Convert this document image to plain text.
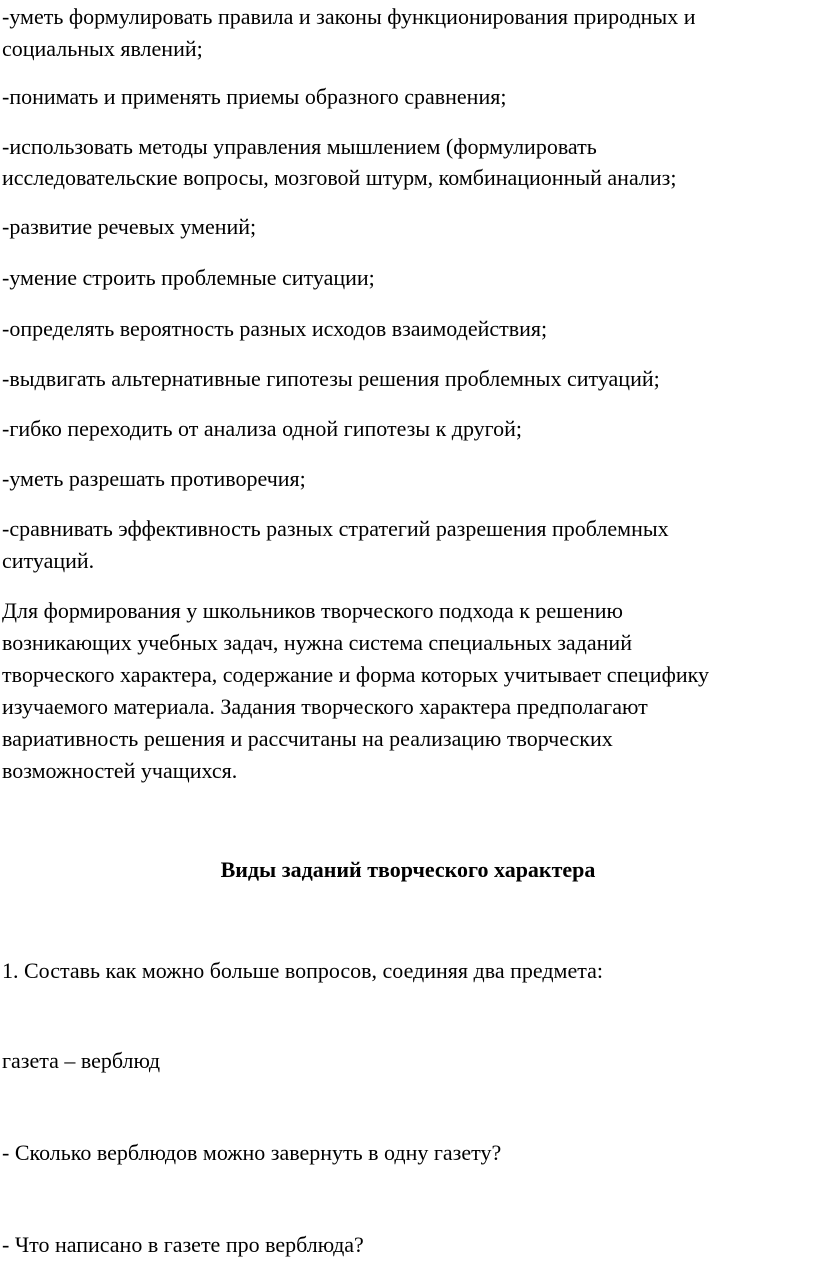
-уметь формулировать правила и законы функционирования природных и

социальных явлений;

-понимать и применять приемы образного сравнения;

-использовать методы управления мышлением (формулировать

исследовательские вопросы, мозговой штурм, комбинационный анализ;

-развитие речевых умений;

-умение строить проблемные ситуации;

-определять вероятность разных исходов взаимодействия;

-выдвигать альтернативные гипотезы решения проблемных ситуаций;

-гибко переходить от анализа одной гипотезы к другой;

-уметь разрешать противоречия;

-сравнивать эффективность разных стратегий разрешения проблемных

ситуаций.

Для формирования у школьников творческого подхода к решению

возникающих учебных задач, нужна система специальных заданий

творческого характера, содержание и форма которых учитывает специфику

изучаемого материала. Задания творческого характера предполагают

вариативность решения и рассчитаны на реализацию творческих

возможностей учащихся.

Виды заданий творческого характера

1. Составь как можно больше вопросов, соединяя два предмета:

газета – верблюд

- Сколько верблюдов можно завернуть в одну газету?

- Что написано в газете про верблюда?
